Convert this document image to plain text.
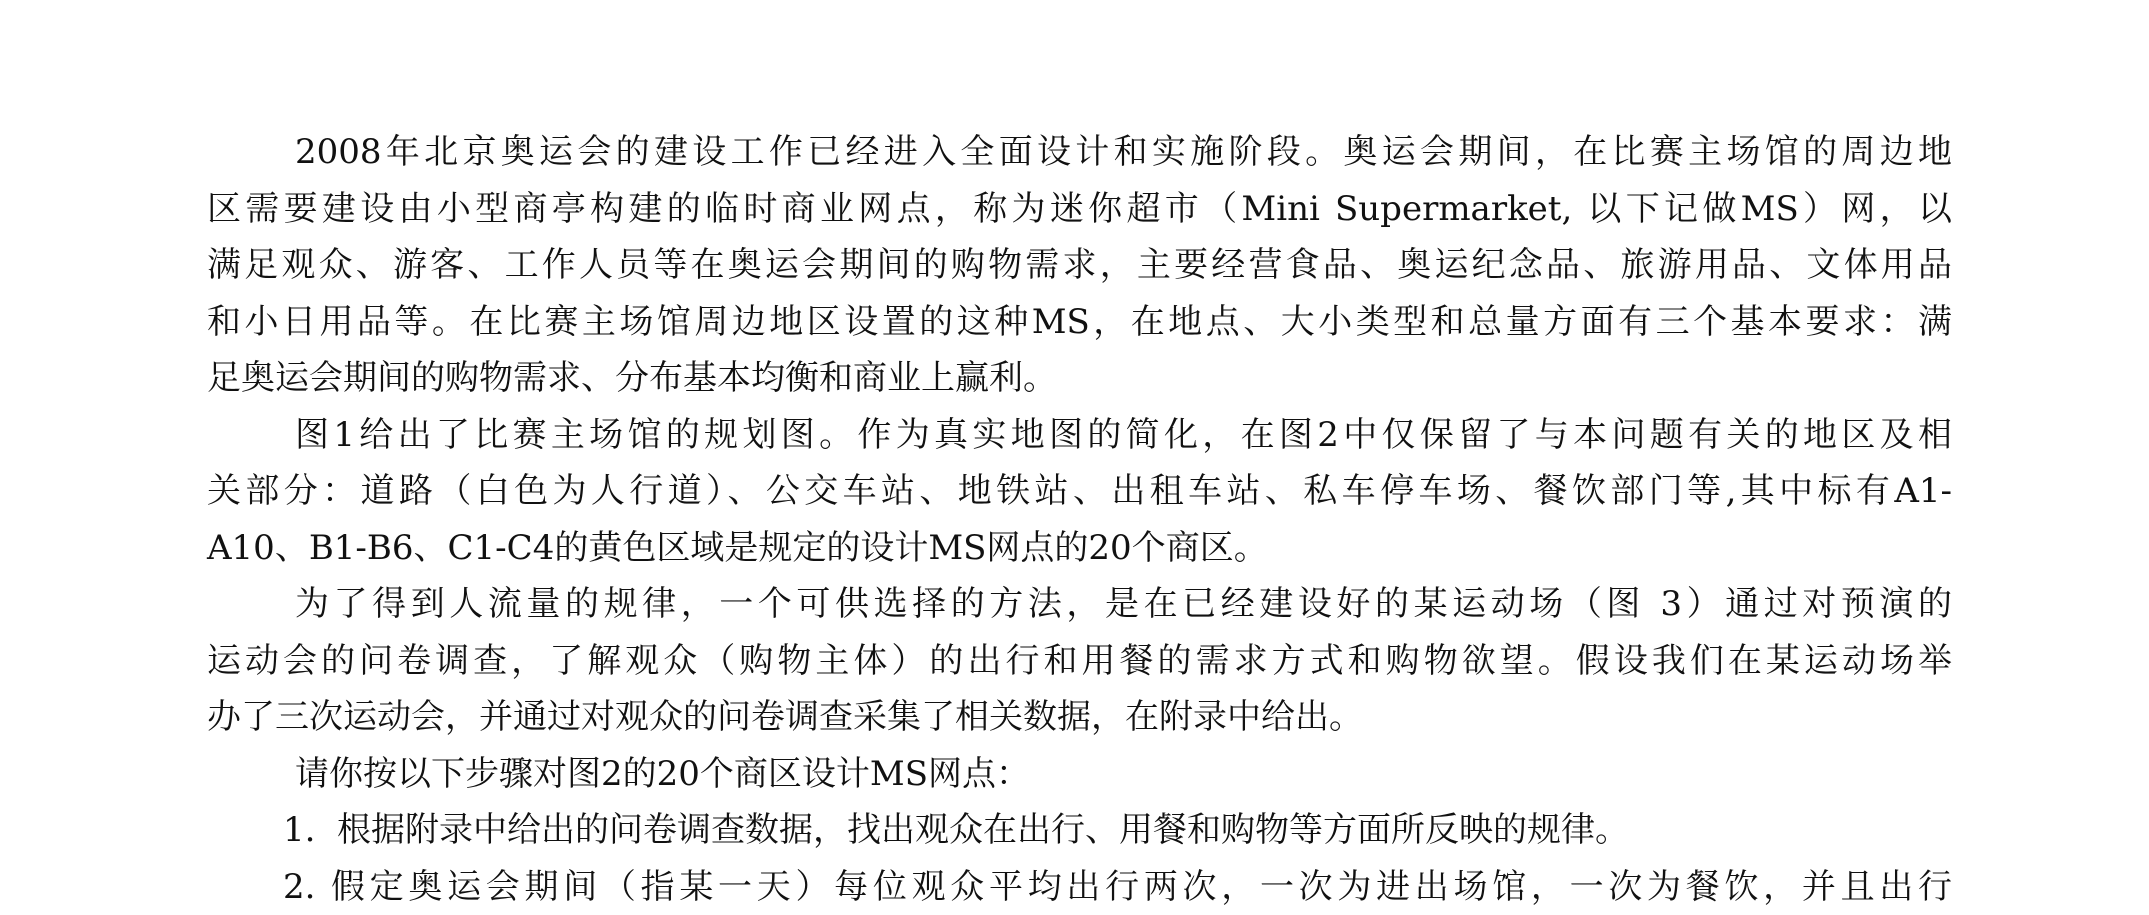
2008年北京奥运会的建设工作已经进入全面设计和实施阶段。奥运会期间，在比赛主场馆的周边地
区需要建设由小型商亭构建的临时商业网点，称为迷你超市（Mini Supermarket, 以下记做MS）网，以
满足观众、游客、工作人员等在奥运会期间的购物需求，主要经营食品、奥运纪念品、旅游用品、文体用品
和小日用品等。在比赛主场馆周边地区设置的这种MS，在地点、大小类型和总量方面有三个基本要求：满
足奥运会期间的购物需求、分布基本均衡和商业上赢利。
图1给出了比赛主场馆的规划图。作为真实地图的简化，在图2中仅保留了与本问题有关的地区及相
关部分：道路（白色为人行道）、公交车站、地铁站、出租车站、私车停车场、餐饮部门等,其中标有A1-
A10、B1-B6、C1-C4的黄色区域是规定的设计MS网点的20个商区。
为了得到人流量的规律，一个可供选择的方法，是在已经建设好的某运动场（图 3）通过对预演的
运动会的问卷调查，了解观众（购物主体）的出行和用餐的需求方式和购物欲望。假设我们在某运动场举
办了三次运动会，并通过对观众的问卷调查采集了相关数据，在附录中给出。
请你按以下步骤对图2的20个商区设计MS网点：
1.  根据附录中给出的问卷调查数据，找出观众在出行、用餐和购物等方面所反映的规律。
2. 假定奥运会期间（指某一天）每位观众平均出行两次，一次为进出场馆，一次为餐饮，并且出行
